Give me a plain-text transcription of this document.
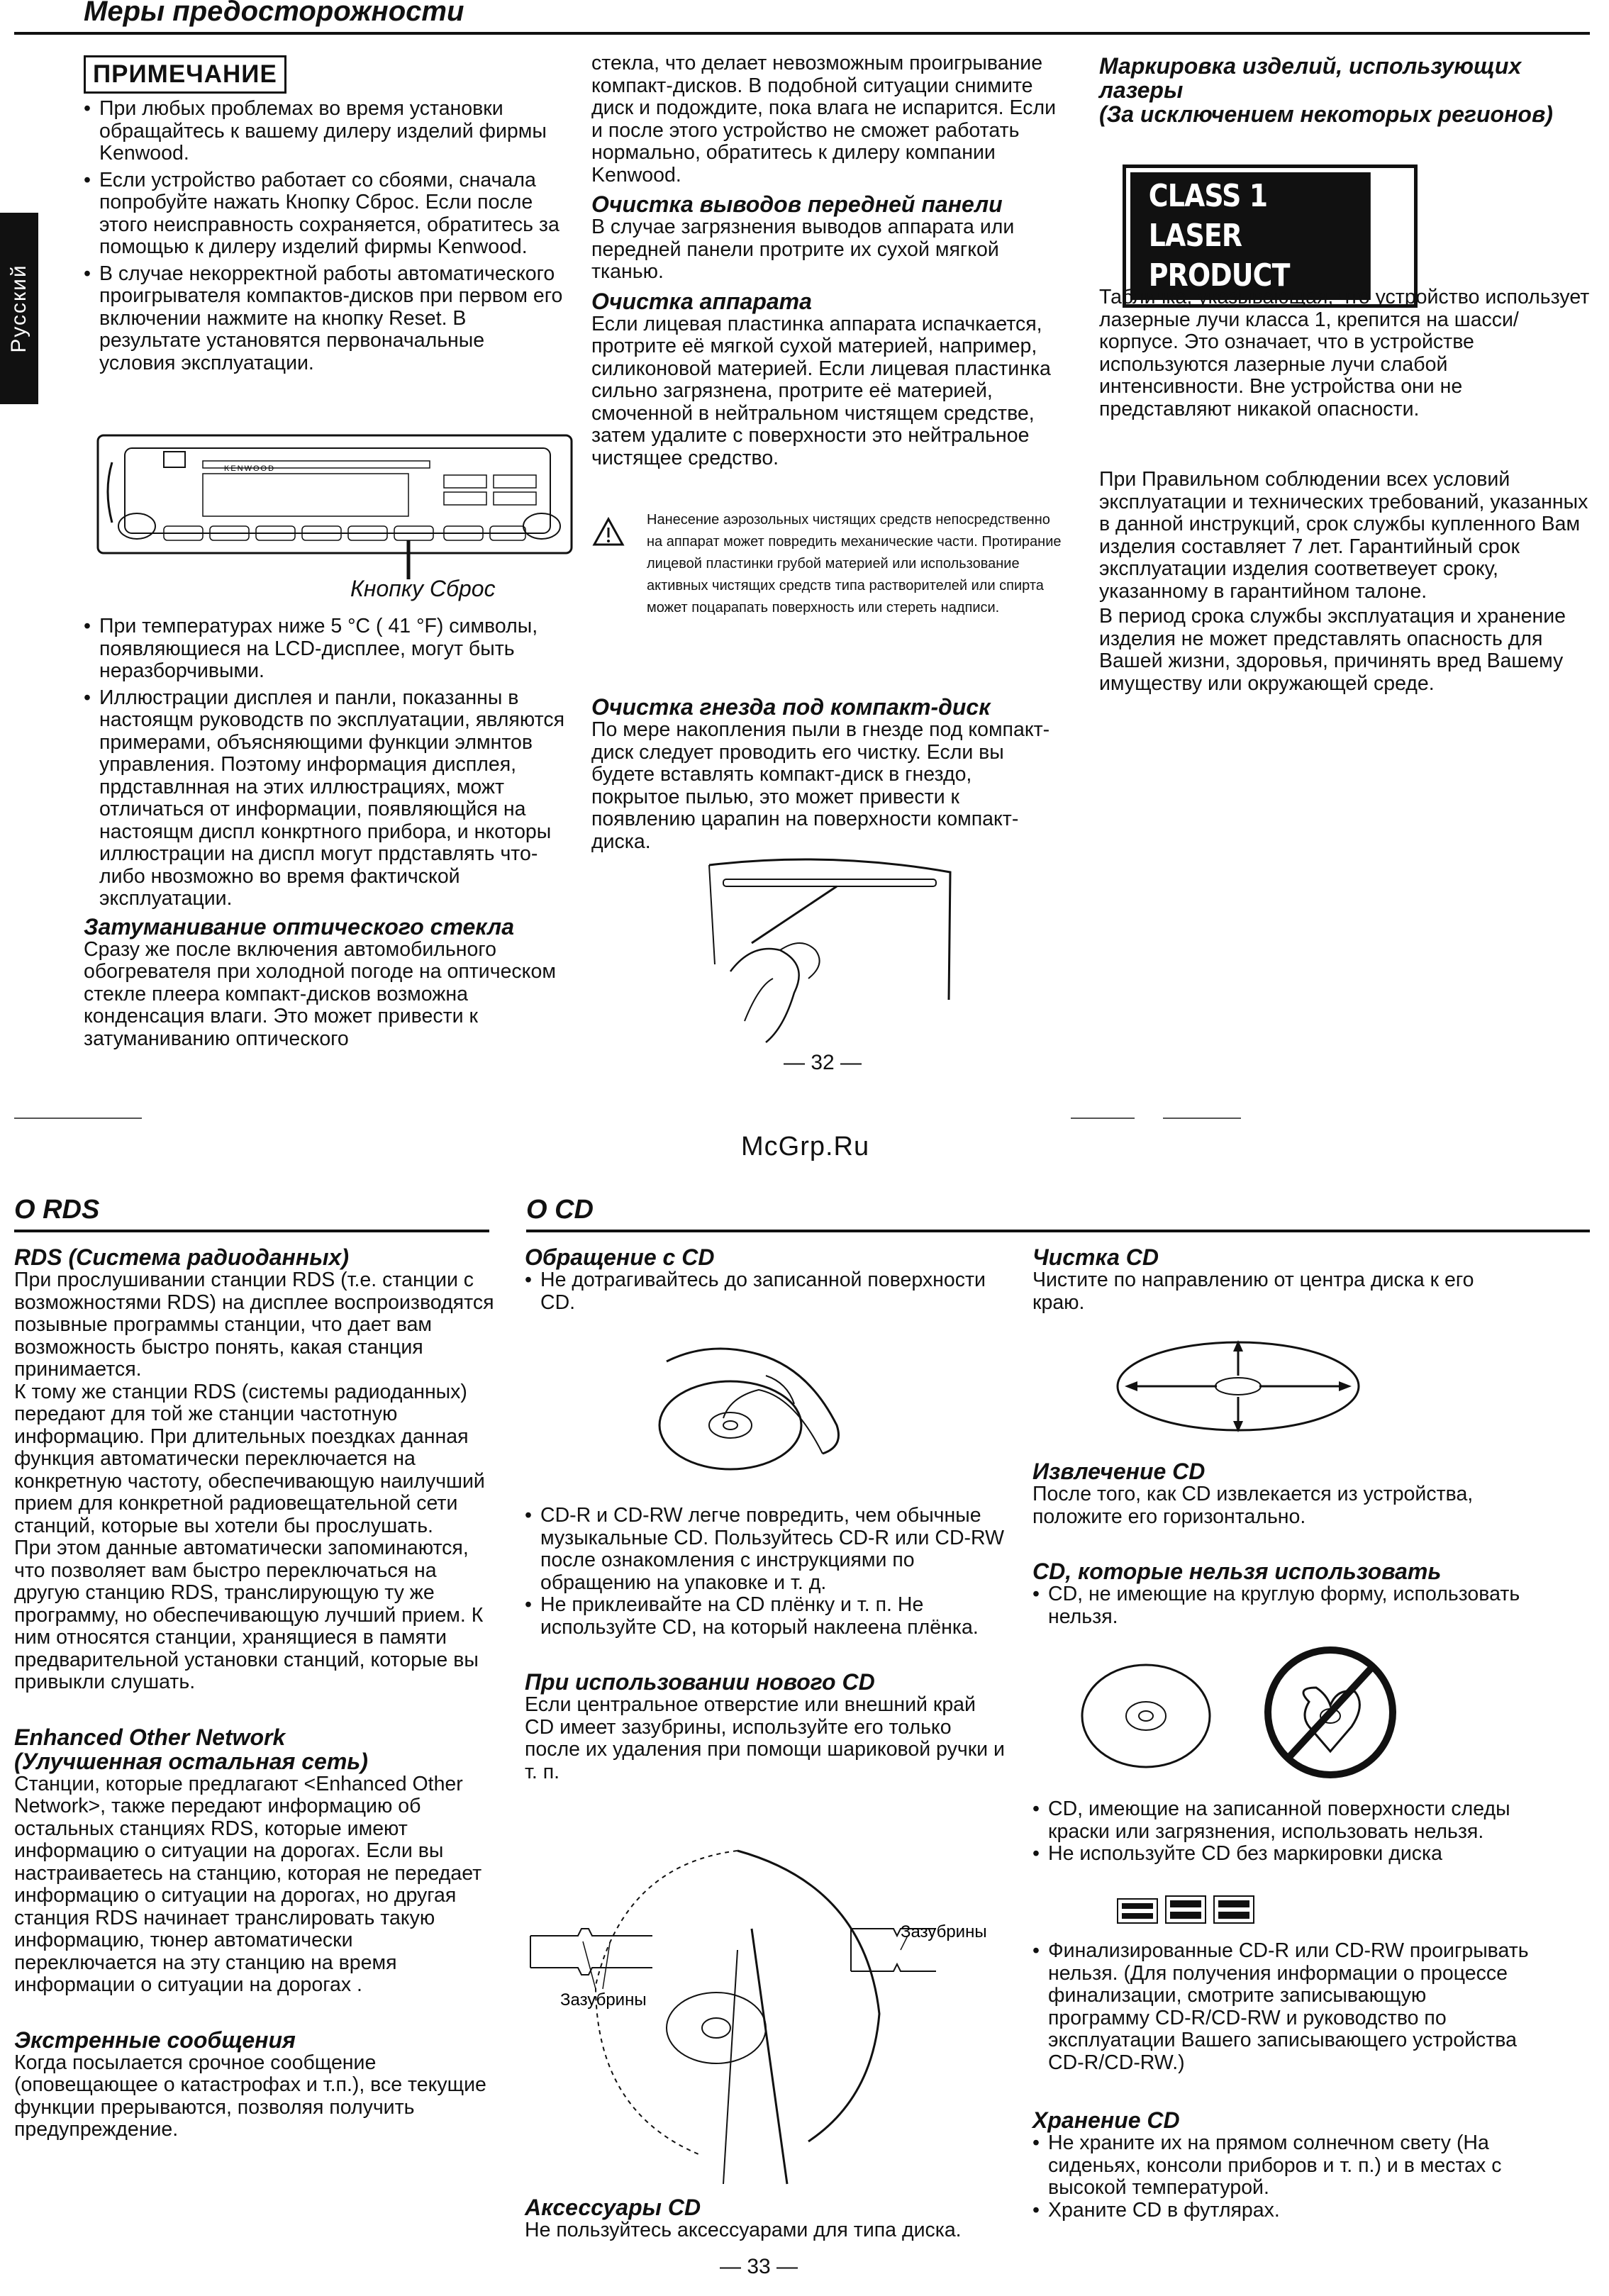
Меры предосторожности
Русский
ПРИМЕЧАНИЕ

• При любых проблемах во время установки обращайтесь к вашему дилеру изделий фирмы Kenwood.

• Если устройство работает со сбоями, сначала попробуйте нажать Кнопку Сброс. Если после этого неисправность сохраняется, обратитесь за помощью к дилеру изделий фирмы Kenwood.

• В случае некорректной работы автоматического проигрывателя компактов-дисков при первом его включении нажмите на кнопку Reset. В результате установятся первоначальные условия эксплуатации.

KENWOOD
Кнопку Сброс

• При температурах ниже 5 °C ( 41 °F) символы, появляющиеся на LCD-дисплее, могут быть неразборчивыми.

• Иллюстрации дисплея и панли, показанны в настоящм руководств по эксплуатации, являются примерами, объясняющими функции элмнтов управления. Поэтому информация дисплея, прдставлнная на этих иллюстрациях, можт отличаться от информации, появляющйся на настоящм диспл конкртного прибора, и нкоторы иллюстрации на диспл могут прдставлять что-либо нвозможно во время фактичской эксплуатации.

Затуманивание оптического стекла

Сразу же после включения автомобильного обогревателя при холодной погоде на оптическом стекле плеера компакт-дисков возможна конденсация влаги. Это может привести к затуманиванию оптического

стекла, что делает невозможным проигрывание компакт-дисков. В подобной ситуации снимите диск и подождите, пока влага не испарится. Если и после этого устройство не сможет работать нормально, обратитесь к дилеру компании Kenwood.

Очистка выводов передней панели

В случае загрязнения выводов аппарата или передней панели протрите их сухой мягкой тканью.

Очистка аппарата

Если лицевая пластинка аппарата испачкается, протрите её мягкой сухой материей, например, силиконовой материей. Если лицевая пластинка сильно загрязнена, протрите её материей, смоченной в нейтральном чистящем средстве, затем удалите с поверхности это нейтральное чистящее средство.

Нанесение аэрозольных чистящих средств непосредственно на аппарат может повредить механические части. Протирание лицевой пластинки грубой материей или использование активных чистящих средств типа растворителей или спирта может поцарапать поверхность или стереть надписи.

Очистка гнезда под компакт-диск

По мере накопления пыли в гнезде под компакт-диск следует проводить его чистку. Если вы будете вставлять компакт-диск в гнездо, покрытое пылью, это может привести к появлению царапин на поверхности компакт-диска.

— 32 —

Маркировка изделий, использующих лазеры

(За исключением некоторых регионов)

CLASS 1
LASER PRODUCT

Табличка, указывающая, что устройство использует лазерные лучи класса 1, крепится на шасси/корпусе. Это означает, что в устройстве используются лазерные лучи слабой интенсивности. Вне устройства они не представляют никакой опасности.

При Правильном соблюдении всех условий эксплуатации и технических требований, указанных в данной инструкций, срок службы купленного Вам изделия составляет 7 лет. Гарантийный срок эксплуатации изделия соответвеует сроку, указанному в гарантийном талоне.

В период срока службы эксплуатация и хранение изделия не может представлять опасность для Вашей жизни, здоровья, причинять вред Вашему имуществу или окружающей среде.

McGrp.Ru
O RDS	O CD

RDS (Система радиоданных)

При прослушивании станции RDS (т.е. станции с возможностями RDS) на дисплее воспроизводятся позывные программы станции, что дает вам возможность быстро понять, какая станция принимается.
К тому же станции RDS (системы радиоданных) передают для той же станции частотную информацию. При длительных поездках данная функция автоматически переключается на конкретную частоту, обеспечивающую наилучший прием для конкретной радиовещательной сети станций, которые вы хотели бы прослушать.
При этом данные автоматически запоминаются, что позволяет вам быстро переключаться на другую станцию RDS, транслирующую ту же программу, но обеспечивающую лучший прием. К ним относятся станции, хранящиеся в памяти предварительной установки станций, которые вы привыкли слушать.

Enhanced Other Network

(Улучшенная остальная сеть)

Станции, которые предлагают <Enhanced Other Network>, также передают информацию об остальных станциях RDS, которые имеют информацию о ситуации на дорогах. Если вы настраиваетесь на станцию, которая не передает информацию о ситуации на дорогах, но другая станция RDS начинает транслировать такую информацию, тюнер автоматически переключается на эту станцию на время информации о ситуации на дорогах .

Экстренные сообщения

Когда посылается срочное сообщение (оповещающее о катастрофах и т.п.), все текущие функции прерываются, позволяя получить предупреждение.

Обращение с CD

• Не дотрагивайтесь до записанной поверхности CD.

• CD-R и CD-RW легче повредить, чем обычные музыкальные CD. Пользуйтесь CD-R или CD-RW после ознакомления с инструкциями по обращению на упаковке и т. д.

• Не приклеивайте на CD плёнку и т. п. Не используйте CD, на который наклеена плёнка.

При использовании нового CD

Если центральное отверстие или внешний край CD имеет зазубрины, используйте его только после их удаления при помощи шариковой ручки и т. п.

Зазубрины
Зазубрины

Аксессуары CD

Не пользуйтесь аксессуарами для типа диска.

— 33 —

Чистка CD

Чистите по направлению от центра диска к его краю.

Извлечение CD

После того, как CD извлекается из устройства, положите его горизонтально.

CD, которые нельзя использовать

• CD, не имеющие на круглую форму, использовать нельзя.

• CD, имеющие на записанной поверхности следы краски или загрязнения, использовать нельзя.

• Не используйте CD без маркировки диска

• Финализированные CD-R или CD-RW проигрывать нельзя. (Для получения информации о процессе финализации, смотрите записывающую программу CD-R/CD-RW и руководство по эксплуатации Вашего записывающего устройства CD-R/CD-RW.)

Хранение CD

• Не храните их на прямом солнечном свету (На сиденьях, консоли приборов и т. п.) и в местах с высокой температурой.

• Храните CD в футлярах.
